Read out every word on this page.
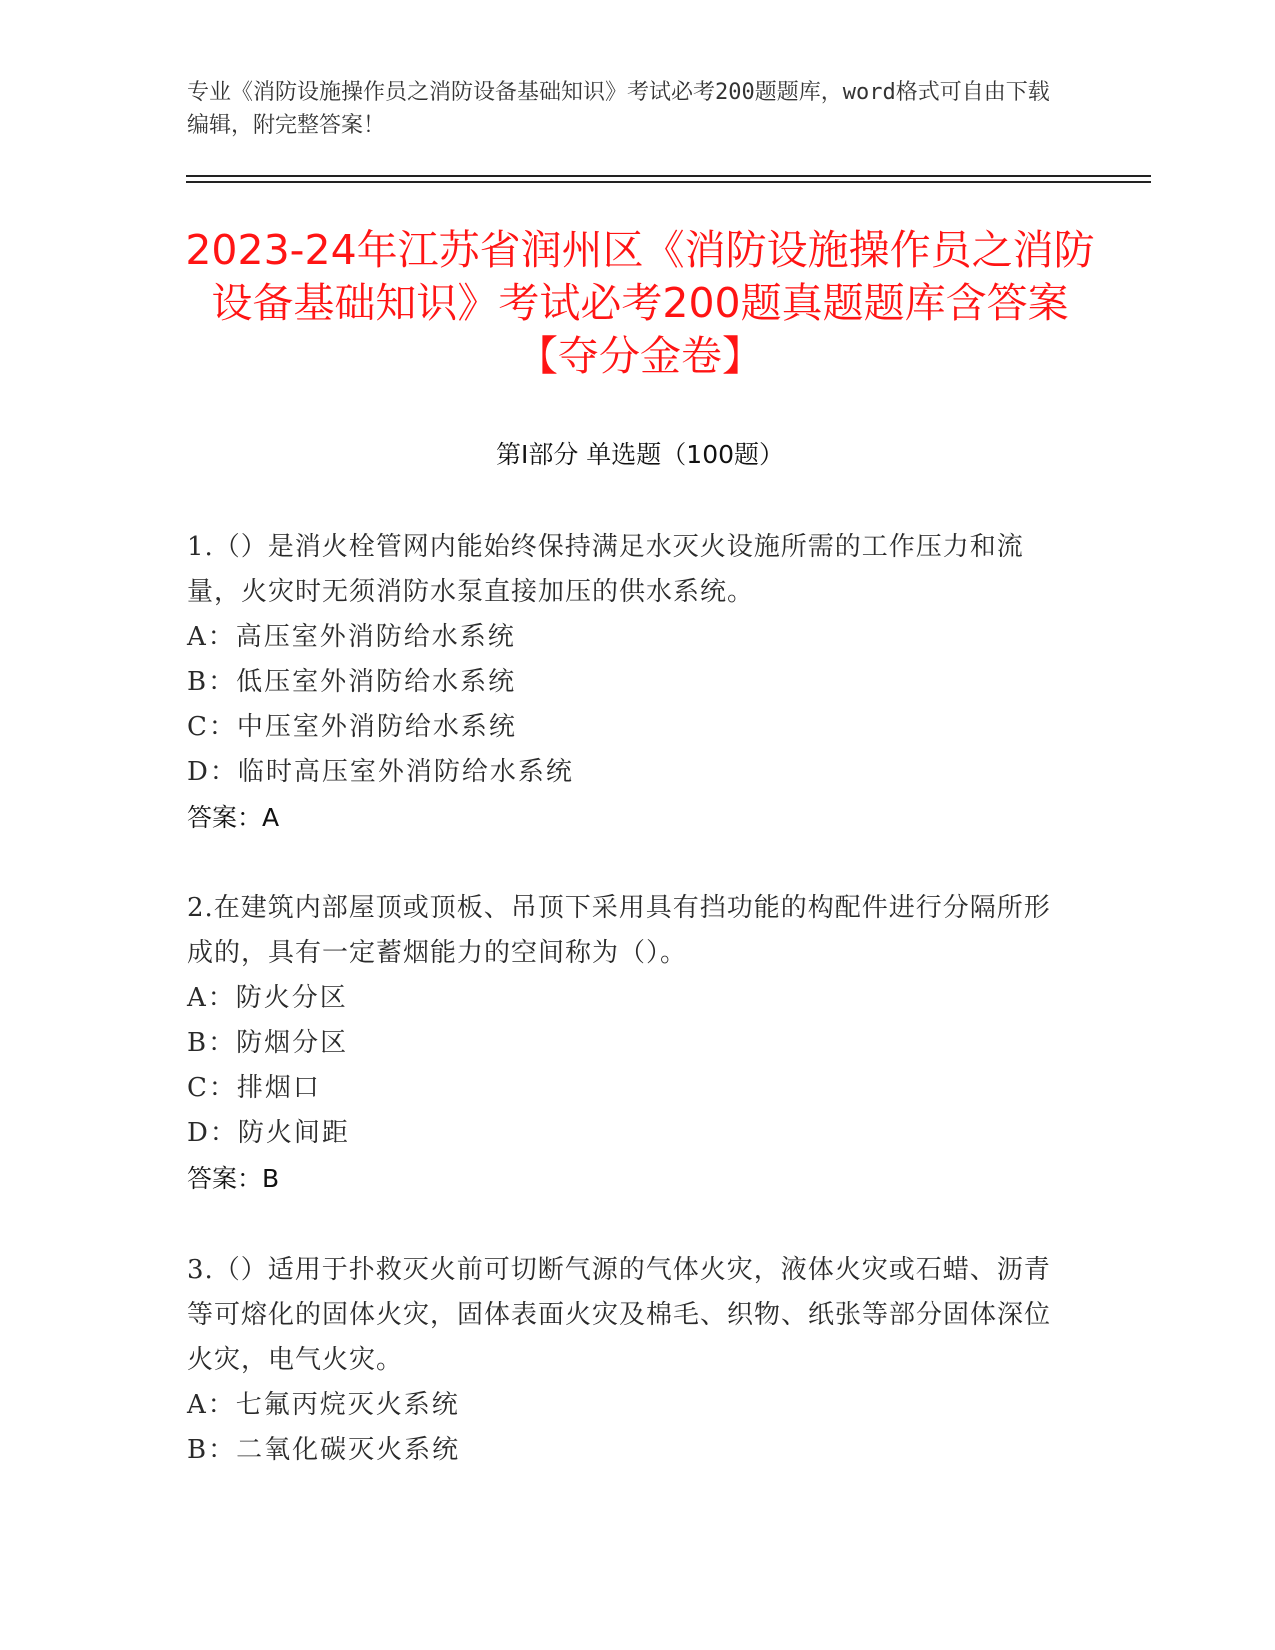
专业《消防设施操作员之消防设备基础知识》考试必考200题题库，word格式可自由下载编辑，附完整答案！
2023-24年江苏省润州区《消防设施操作员之消防设备基础知识》考试必考200题真题题库含答案【夺分金卷】
第I部分 单选题（100题）

1.（）是消火栓管网内能始终保持满足水灭火设施所需的工作压力和流量，火灾时无须消防水泵直接加压的供水系统。

A：高压室外消防给水系统

B：低压室外消防给水系统

C：中压室外消防给水系统

D：临时高压室外消防给水系统

答案：A

2.在建筑内部屋顶或顶板、吊顶下采用具有挡功能的构配件进行分隔所形成的，具有一定蓄烟能力的空间称为（）。

A：防火分区

B：防烟分区

C：排烟口

D：防火间距

答案：B

3.（）适用于扑救灭火前可切断气源的气体火灾，液体火灾或石蜡、沥青等可熔化的固体火灾，固体表面火灾及棉毛、织物、纸张等部分固体深位火灾，电气火灾。

A：七氟丙烷灭火系统

B：二氧化碳灭火系统
